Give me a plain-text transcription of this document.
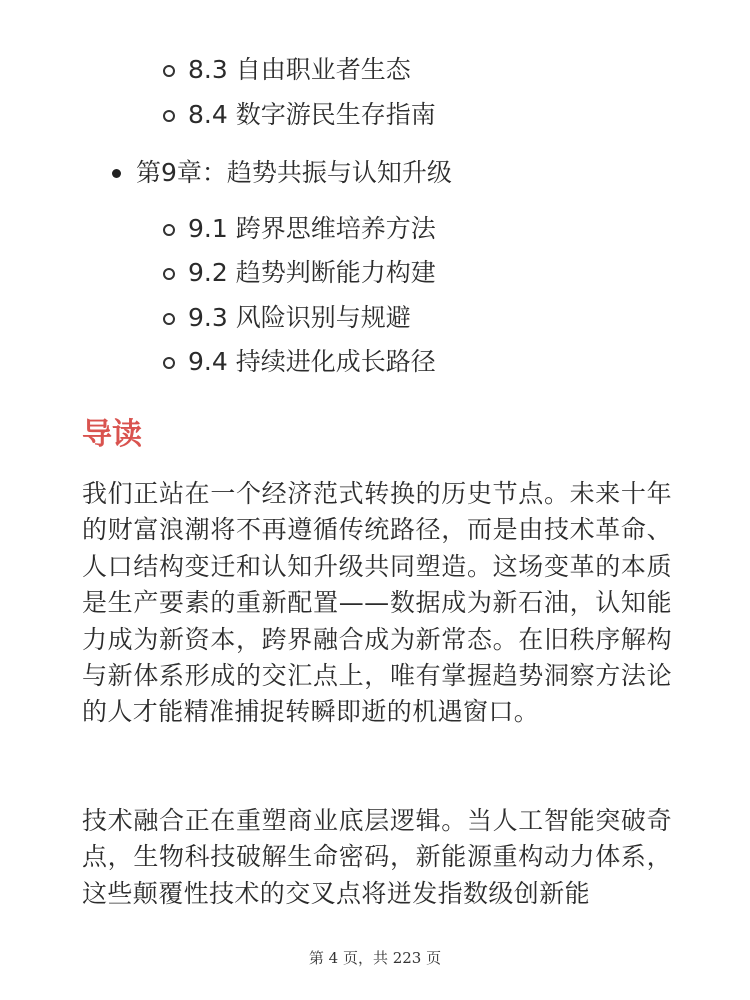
8.3 自由职业者生态
8.4 数字游民生存指南
第9章：趋势共振与认知升级
9.1 跨界思维培养方法
9.2 趋势判断能力构建
9.3 风险识别与规避
9.4 持续进化成长路径
导读

我们正站在一个经济范式转换的历史节点。未来十年的财富浪潮将不再遵循传统路径，而是由技术革命、人口结构变迁和认知升级共同塑造。这场变革的本质是生产要素的重新配置——数据成为新石油，认知能力成为新资本，跨界融合成为新常态。在旧秩序解构与新体系形成的交汇点上，唯有掌握趋势洞察方法论的人才能精准捕捉转瞬即逝的机遇窗口。

技术融合正在重塑商业底层逻辑。当人工智能突破奇点，生物科技破解生命密码，新能源重构动力体系，这些颠覆性技术的交叉点将迸发指数级创新能

第 4 页，共 223 页
